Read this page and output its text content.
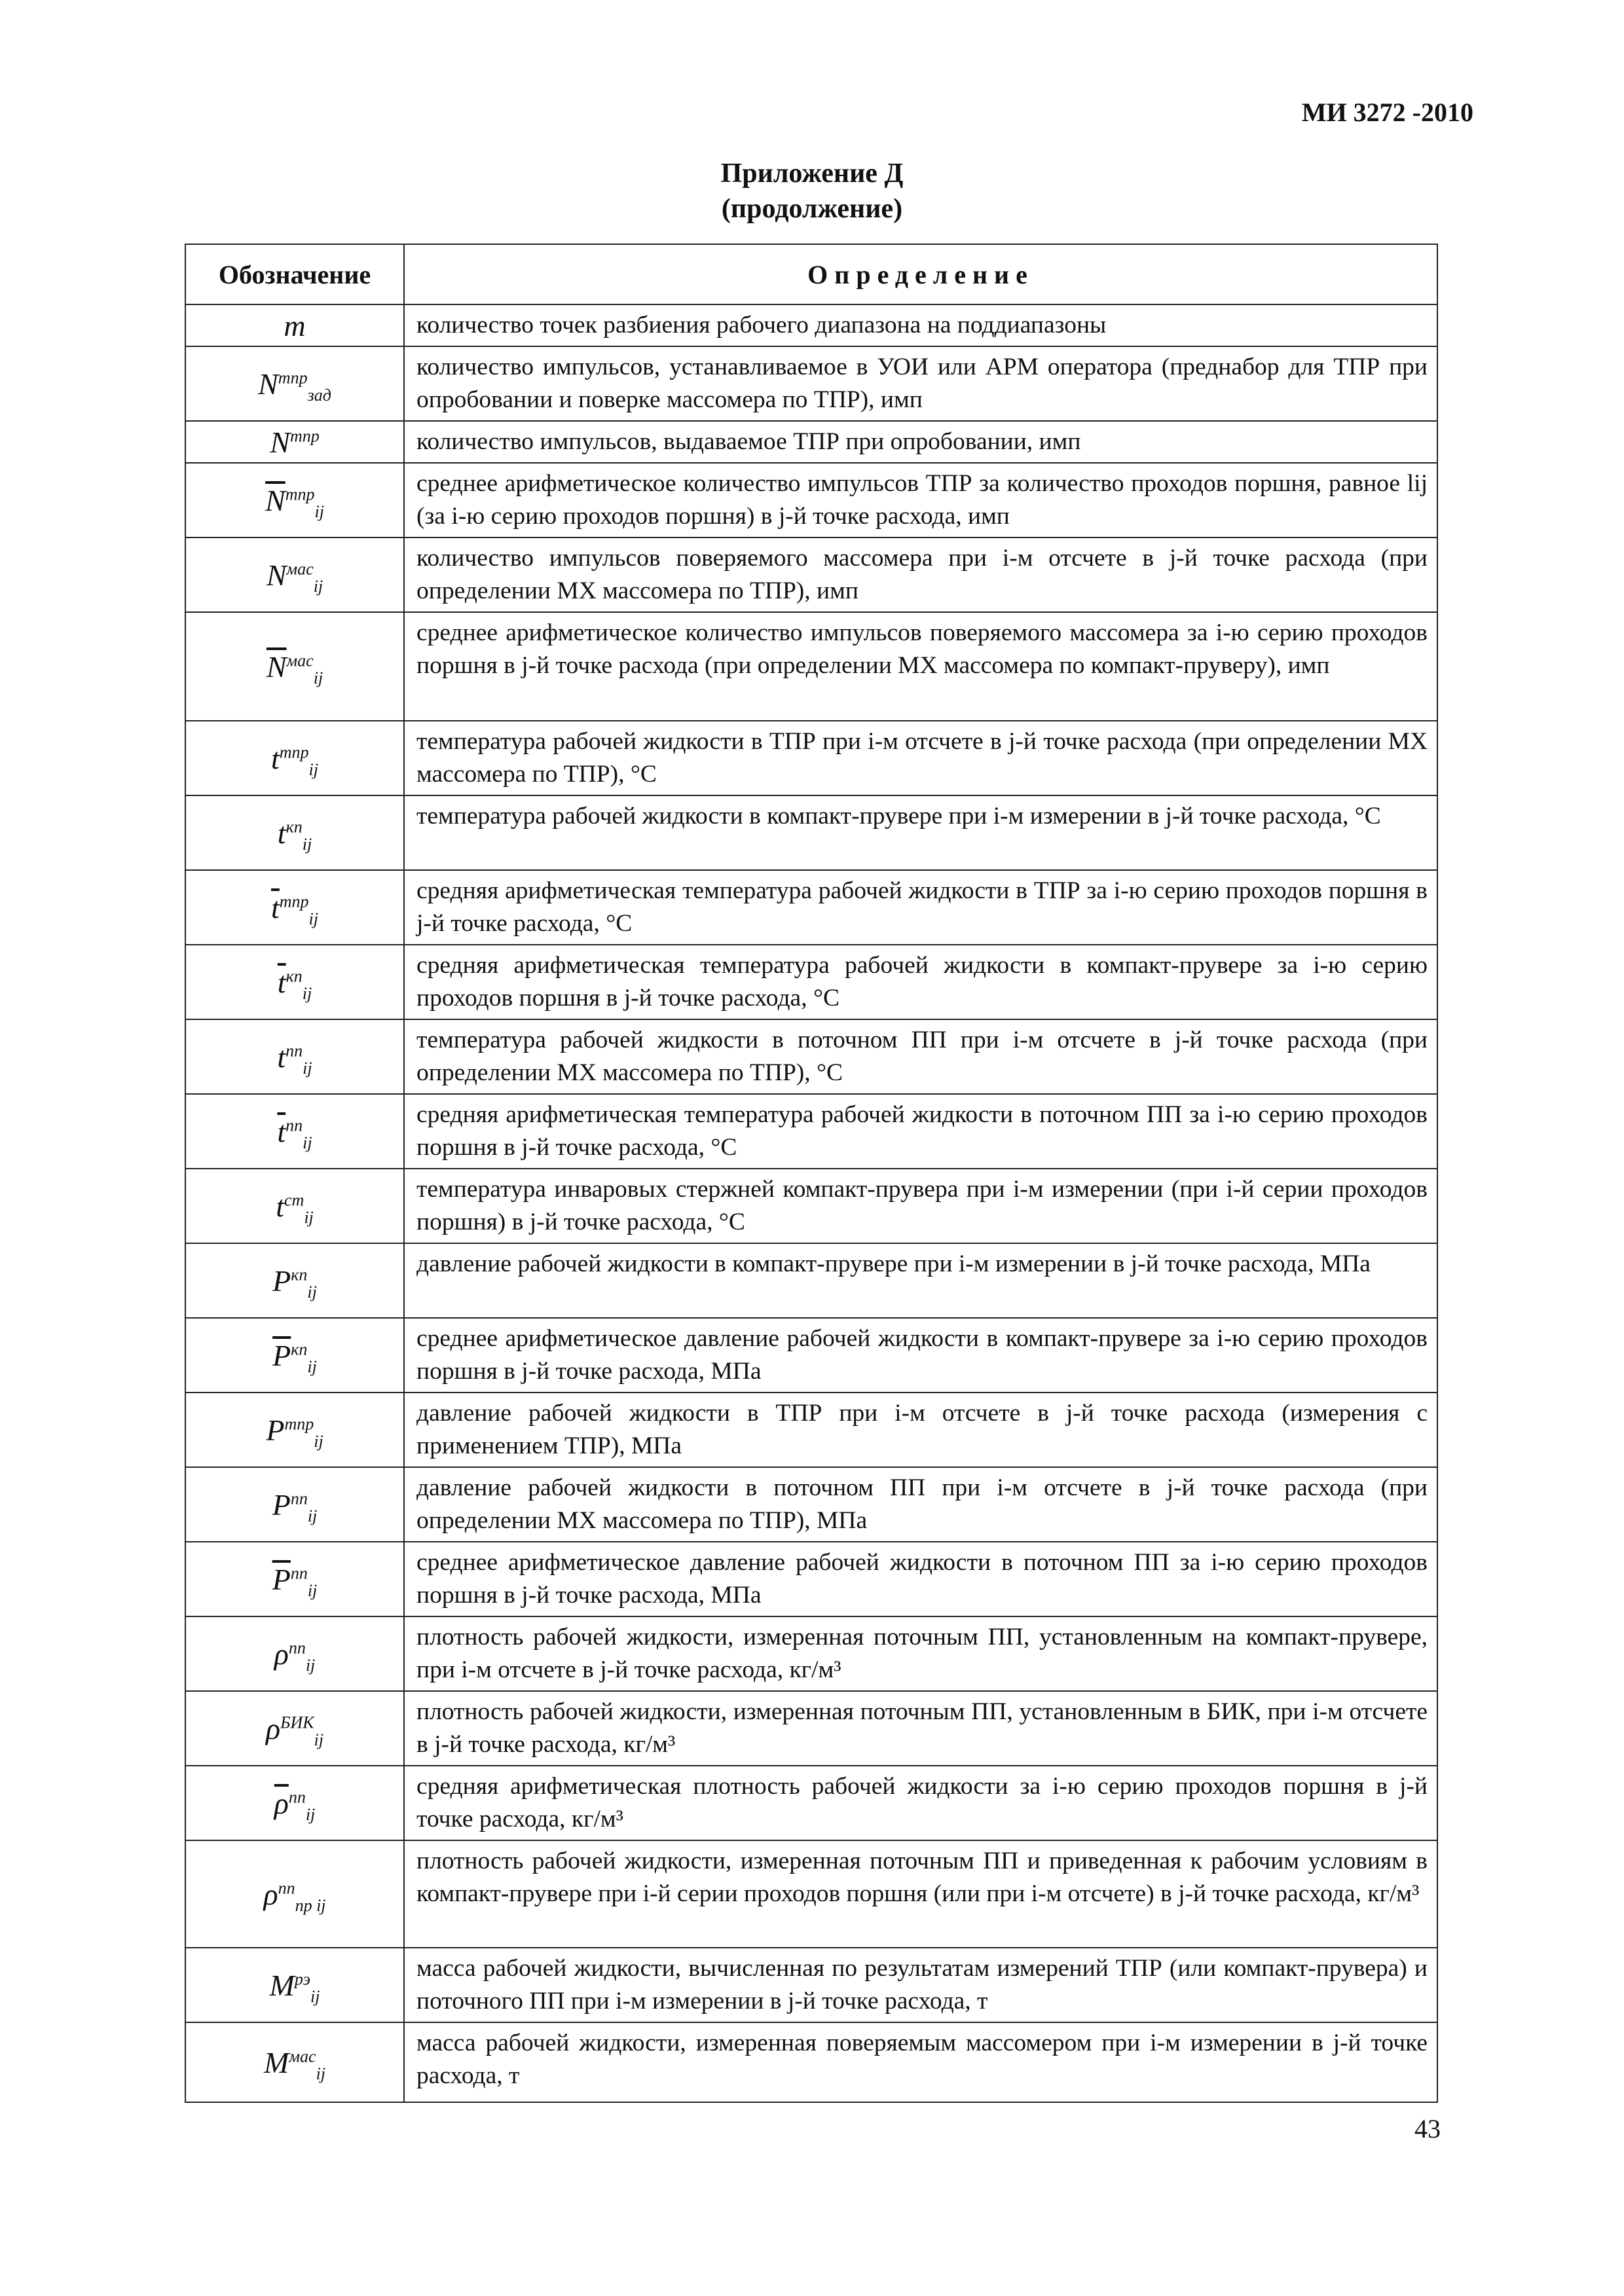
МИ 3272 -2010
Приложение Д
(продолжение)
Обозначение	Определение
m	количество точек разбиения рабочего диапазона на поддиапазоны
$N^{тпр}_{зад}$	количество импульсов, устанавливаемое в УОИ или АРМ оператора (преднабор для ТПР при опробовании и поверке массомера по ТПР), имп
$N^{тпр}$	количество импульсов, выдаваемое ТПР при опробовании, имп
$\overline{N}^{тпр}_{ij}$	среднее арифметическое количество импульсов ТПР за количество проходов поршня, равное lij (за i-ю серию проходов поршня) в j-й точке расхода, имп
$N^{мас}_{ij}$	количество импульсов поверяемого массомера при i-м отсчете в j-й точке расхода (при определении МХ массомера по ТПР), имп
$\overline{N}^{мас}_{ij}$	среднее арифметическое количество импульсов поверяемого массомера за i-ю серию проходов поршня в j-й точке расхода (при определении МХ массомера по компакт-пруверу), имп
$t^{тпр}_{ij}$	температура рабочей жидкости в ТПР при i-м отсчете в j-й точке расхода (при определении МХ массомера по ТПР), °С
$t^{кп}_{ij}$	температура рабочей жидкости в компакт-прувере при i-м измерении в j-й точке расхода, °С
$\overline{t}^{тпр}_{ij}$	средняя арифметическая температура рабочей жидкости в ТПР за i-ю серию проходов поршня в j-й точке расхода, °С
$\overline{t}^{кп}_{ij}$	средняя арифметическая температура рабочей жидкости в компакт-прувере за i-ю серию проходов поршня в j-й точке расхода, °С
$t^{пп}_{ij}$	температура рабочей жидкости в поточном ПП при i-м отсчете в j-й точке расхода (при определении МХ массомера по ТПР), °С
$\overline{t}^{пп}_{ij}$	средняя арифметическая температура рабочей жидкости в поточном ПП за i-ю серию проходов поршня в j-й точке расхода, °С
$t^{ст}_{ij}$	температура инваровых стержней компакт-прувера при i-м измерении (при i-й серии проходов поршня) в j-й точке расхода, °С
$P^{кп}_{ij}$	давление рабочей жидкости в компакт-прувере при i-м измерении в j-й точке расхода, МПа
$\overline{P}^{кп}_{ij}$	среднее арифметическое давление рабочей жидкости в компакт-прувере за i-ю серию проходов поршня в j-й точке расхода, МПа
$P^{тпр}_{ij}$	давление рабочей жидкости в ТПР при i-м отсчете в j-й точке расхода (измерения с применением ТПР), МПа
$P^{пп}_{ij}$	давление рабочей жидкости в поточном ПП при i-м отсчете в j-й точке расхода (при определении МХ массомера по ТПР), МПа
$\overline{P}^{пп}_{ij}$	среднее арифметическое давление рабочей жидкости в поточном ПП за i-ю серию проходов поршня в j-й точке расхода, МПа
$\rho^{пп}_{ij}$	плотность рабочей жидкости, измеренная поточным ПП, установленным на компакт-прувере, при i-м отсчете в j-й точке расхода, кг/м³
$\rho^{БИК}_{ij}$	плотность рабочей жидкости, измеренная поточным ПП, установленным в БИК, при i-м отсчете в j-й точке расхода, кг/м³
$\overline{\rho}^{пп}_{ij}$	средняя арифметическая плотность рабочей жидкости за i-ю серию проходов поршня в j-й точке расхода, кг/м³
$\rho^{пп}_{пр ij}$	плотность рабочей жидкости, измеренная поточным ПП и приведенная к рабочим условиям в компакт-прувере при i-й серии проходов поршня (или при i-м отсчете) в j-й точке расхода, кг/м³
$M^{рэ}_{ij}$	масса рабочей жидкости, вычисленная по результатам измерений ТПР (или компакт-прувера) и поточного ПП при i-м измерении в j-й точке расхода, т
$M^{мас}_{ij}$	масса рабочей жидкости, измеренная поверяемым массомером при i-м измерении в j-й точке расхода, т
43
